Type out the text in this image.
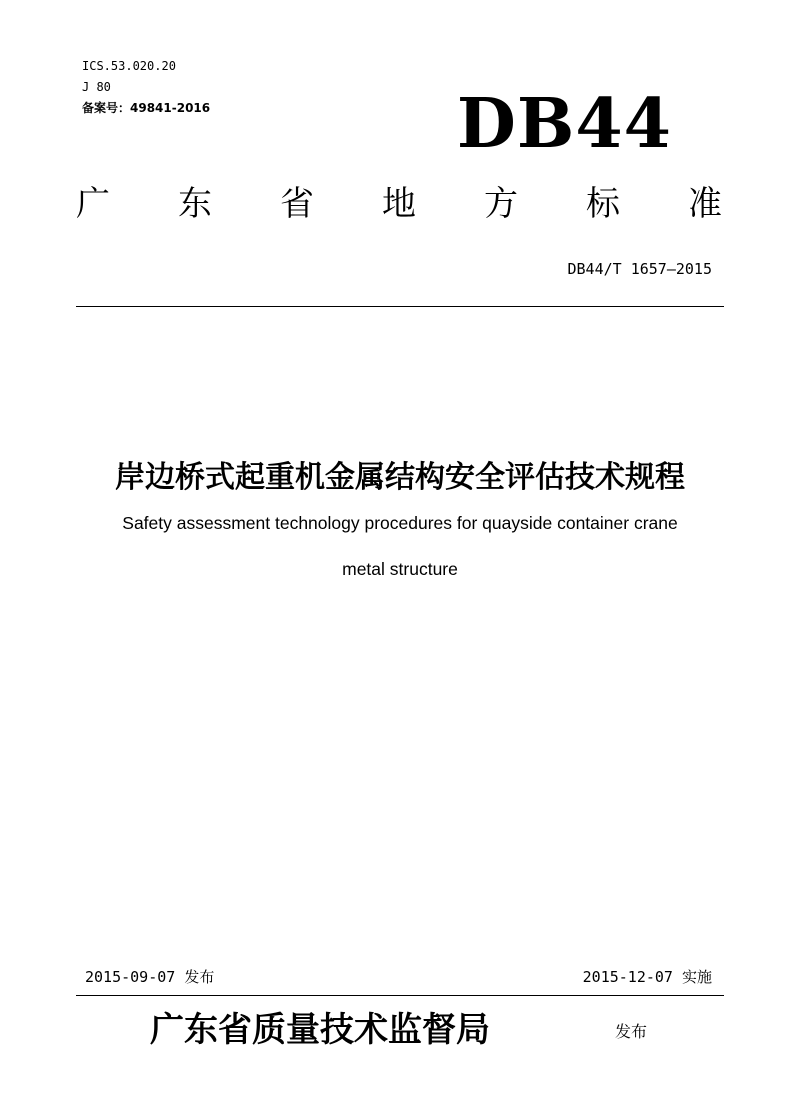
ICS.53.020.20
J 80
备案号：49841-2016	DB44
广 东 省 地 方 标 准
DB44/T 1657—2015
岸边桥式起重机金属结构安全评估技术规程
Safety assessment technology procedures for quayside container crane
metal structure
2015-09-07 发布	2015-12-07 实施
广东省质量技术监督局	发布
